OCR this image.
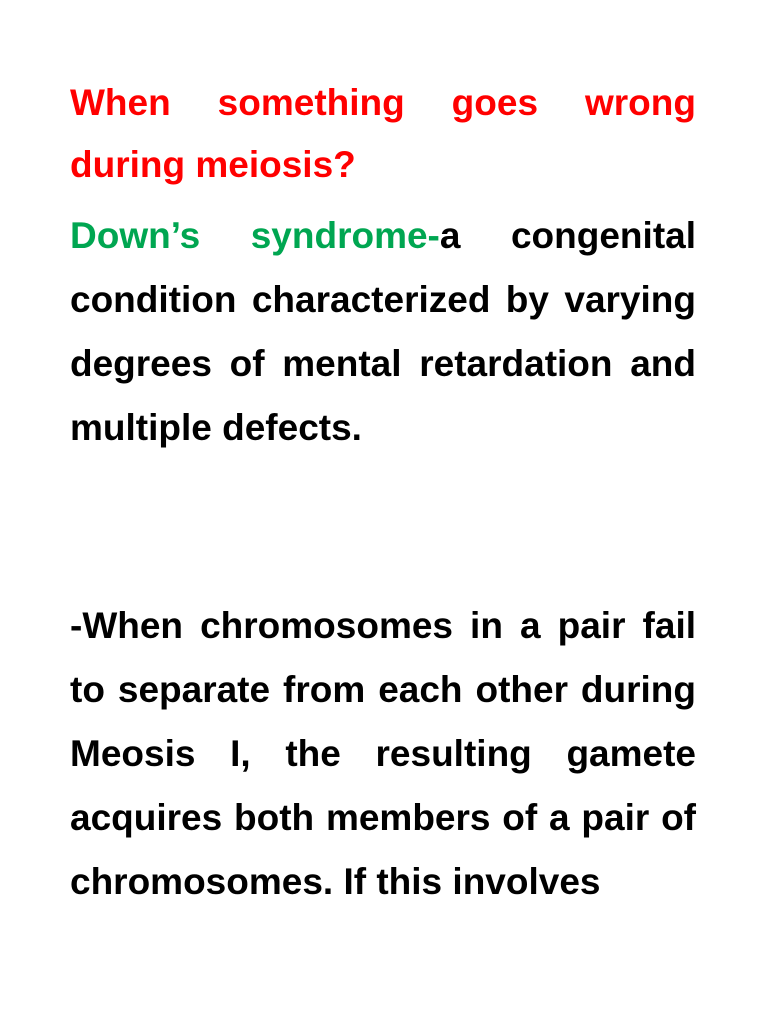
When something goes wrong during meiosis?

Down’s syndrome-a congenital condition characterized by varying degrees of mental retardation and multiple defects.

-When chromosomes in a pair fail to separate from each other during Meosis I, the resulting gamete acquires both members of a pair of chromosomes. If this involves
